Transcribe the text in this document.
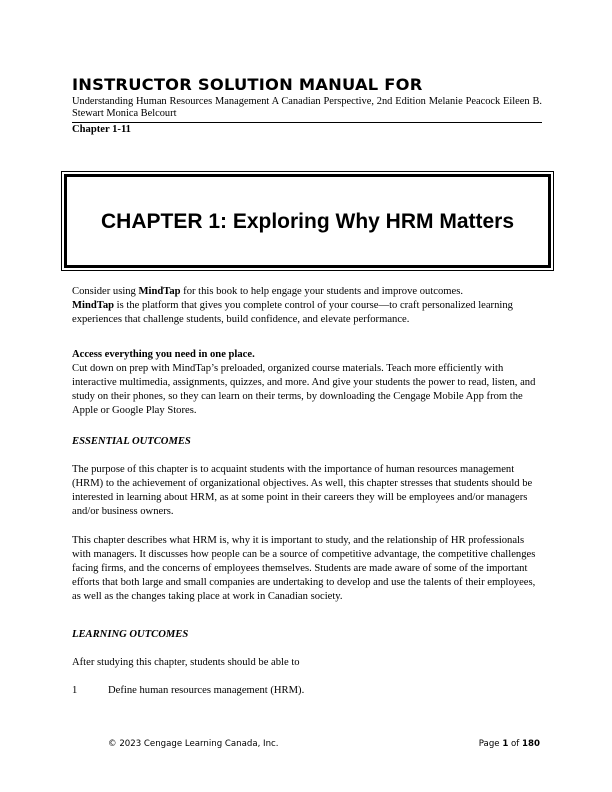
INSTRUCTOR SOLUTION MANUAL FOR
Understanding Human Resources Management A Canadian Perspective, 2nd Edition Melanie Peacock Eileen B. Stewart Monica Belcourt
Chapter 1-11
CHAPTER 1: Exploring Why HRM Matters
Consider using MindTap for this book to help engage your students and improve outcomes.
MindTap is the platform that gives you complete control of your course—to craft personalized learning experiences that challenge students, build confidence, and elevate performance.
Access everything you need in one place.
Cut down on prep with MindTap’s preloaded, organized course materials. Teach more efficiently with interactive multimedia, assignments, quizzes, and more. And give your students the power to read, listen, and study on their phones, so they can learn on their terms, by downloading the Cengage Mobile App from the Apple or Google Play Stores.
ESSENTIAL OUTCOMES
The purpose of this chapter is to acquaint students with the importance of human resources management (HRM) to the achievement of organizational objectives. As well, this chapter stresses that students should be interested in learning about HRM, as at some point in their careers they will be employees and/or managers and/or business owners.
This chapter describes what HRM is, why it is important to study, and the relationship of HR professionals with managers. It discusses how people can be a source of competitive advantage, the competitive challenges facing firms, and the concerns of employees themselves. Students are made aware of some of the important efforts that both large and small companies are undertaking to develop and use the talents of their employees, as well as the changes taking place at work in Canadian society.
LEARNING OUTCOMES
After studying this chapter, students should be able to
1	Define human resources management (HRM).
© 2023 Cengage Learning Canada, Inc.	Page 1 of 180
